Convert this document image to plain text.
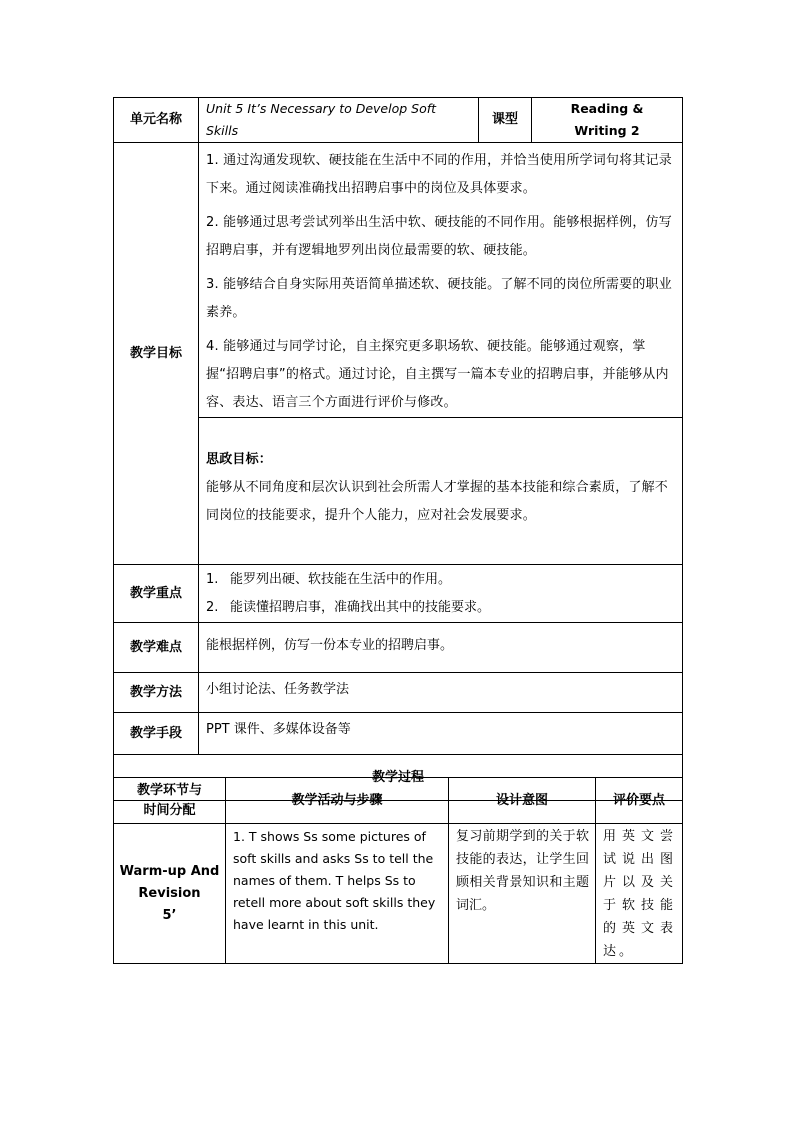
单元名称	Unit 5 It’s Necessary to Develop Soft Skills	课型	Reading &
Writing 2

教学目标	1. 通过沟通发现软、硬技能在生活中不同的作用，并恰当使用所学词句将其记录下来。通过阅读准确找出招聘启事中的岗位及具体要求。

2. 能够通过思考尝试列举出生活中软、硬技能的不同作用。能够根据样例，仿写招聘启事，并有逻辑地罗列出岗位最需要的软、硬技能。

3. 能够结合自身实际用英语简单描述软、硬技能。了解不同的岗位所需要的职业素养。

4. 能够通过与同学讨论，自主探究更多职场软、硬技能。能够通过观察，掌握“招聘启事”的格式。通过讨论，自主撰写一篇本专业的招聘启事，并能够从内容、表达、语言三个方面进行评价与修改。		

	思政目标：

能够从不同角度和层次认识到社会所需人才掌握的基本技能和综合素质，了解不同岗位的技能要求，提升个人能力，应对社会发展要求。		

教学重点	1. 能罗列出硬、软技能在生活中的作用。

2. 能读懂招聘启事，准确找出其中的技能要求。		

教学难点	能根据样例，仿写一份本专业的招聘启事。		
教学方法	小组讨论法、任务教学法		
教学手段	PPT 课件、多媒体设备等		
教学过程			
教学环节与
时间分配	教学活动与步骤	设计意图	评价要点

Warm-up And
Revision
5’	1. T shows Ss some pictures of soft skills and asks Ss to tell the names of them. T helps Ss to retell more about soft skills they have learnt in this unit.	复习前期学到的关于软技能的表达，让学生回顾相关背景知识和主题词汇。	用英文尝试说出图片以及关于软技能的英文表达。
